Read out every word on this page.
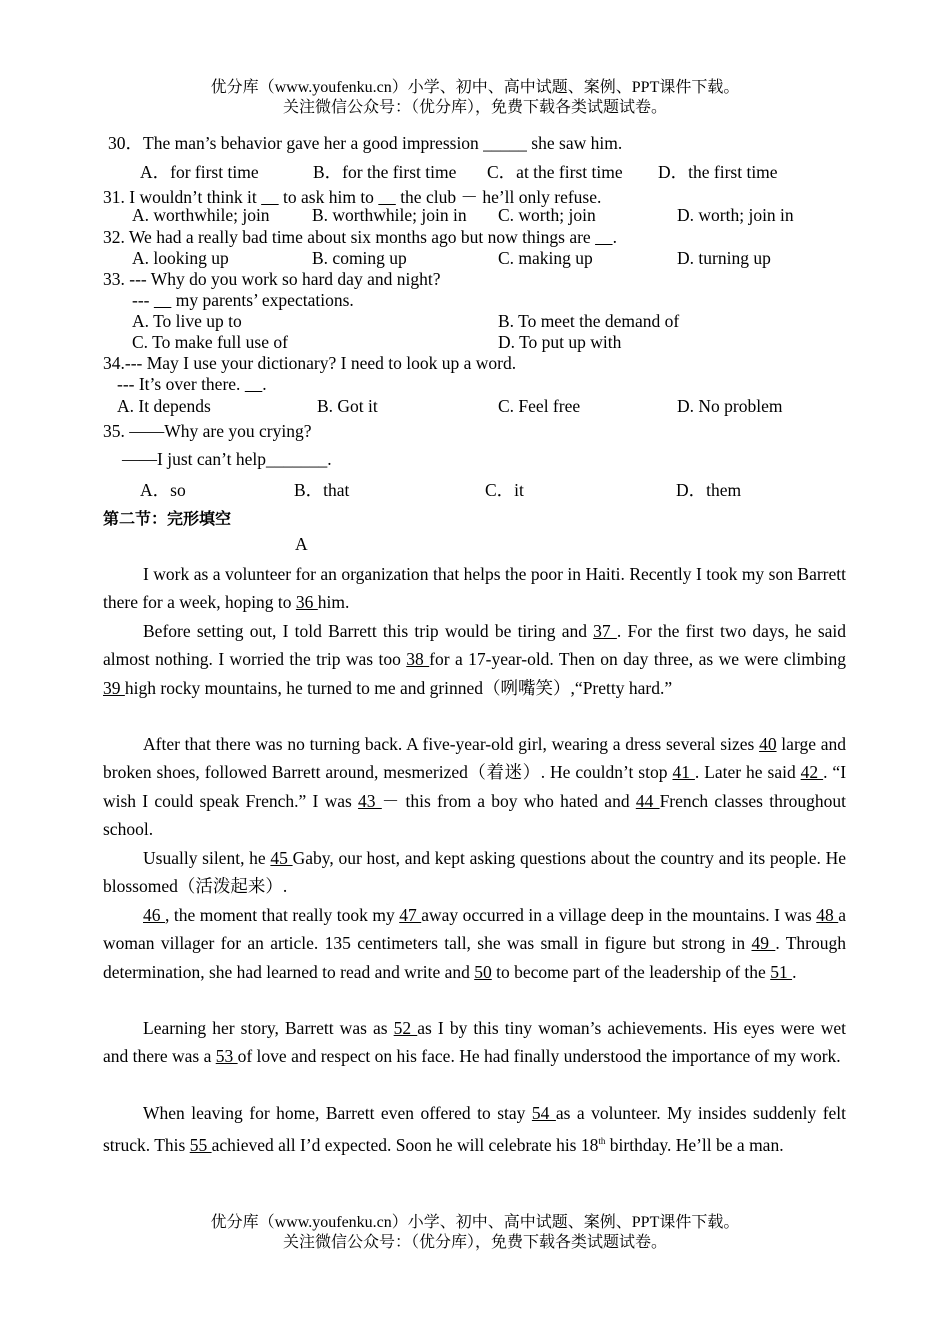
优分库（www.youfenku.cn）小学、初中、高中试题、案例、PPT课件下载。
关注微信公众号：（优分库），免费下载各类试题试卷。
30．The man’s behavior gave her a good impression _____ she saw him.
A．for first time	B．for the first time C．at the first time D．the first time
31. I wouldn’t think it      to ask him to      the club － he’ll only refuse.
A. worthwhile; join B. worthwhile; join in C. worth; join	D. worth; join in
32. We had a really bad time about six months ago but now things are     .
A. looking up	B. coming up	C. making up	D. turning up
33. --- Why do you work so hard day and night?
---      my parents’ expectations.
A. To live up to	B. To meet the demand of
C. To make full use of	D. To put up with
34.--- May I use your dictionary? I need to look up a word.
--- It’s over there.     .
A. It depends	B. Got it	C. Feel free	D. No problem
35. ——Why are you crying?
——I just can’t help_______.
A．so	B．that	C．it	D．them
第二节：完形填空
A
I work as a volunteer for an organization that helps the poor in Haiti. Recently I took my son Barrett there for a week, hoping to 36 him.
Before setting out, I told Barrett this trip would be tiring and 37 . For the first two days, he said almost nothing. I worried the trip was too 38 for a 17-year-old. Then on day three, as we were climbing 39 high rocky mountains, he turned to me and grinned（咧嘴笑）,“Pretty hard.”
After that there was no turning back. A five-year-old girl, wearing a dress several sizes 40 large and broken shoes, followed Barrett around, mesmerized（着迷）. He couldn’t stop 41 . Later he said 42 . “I wish I could speak French.” I was 43 － this from a boy who hated and 44 French classes throughout school.
Usually silent, he 45 Gaby, our host, and kept asking questions about the country and its people. He blossomed（活泼起来）.
46 , the moment that really took my 47 away occurred in a village deep in the mountains. I was 48 a woman villager for an article. 135 centimeters tall, she was small in figure but strong in 49 . Through determination, she had learned to read and write and 50 to become part of the leadership of the 51 .
Learning her story, Barrett was as 52 as I by this tiny woman’s achievements. His eyes were wet and there was a 53 of love and respect on his face. He had finally understood the importance of my work.
When leaving for home, Barrett even offered to stay 54 as a volunteer. My insides suddenly felt struck. This 55 achieved all I’d expected. Soon he will celebrate his 18th birthday. He’ll be a man.
优分库（www.youfenku.cn）小学、初中、高中试题、案例、PPT课件下载。
关注微信公众号：（优分库），免费下载各类试题试卷。
